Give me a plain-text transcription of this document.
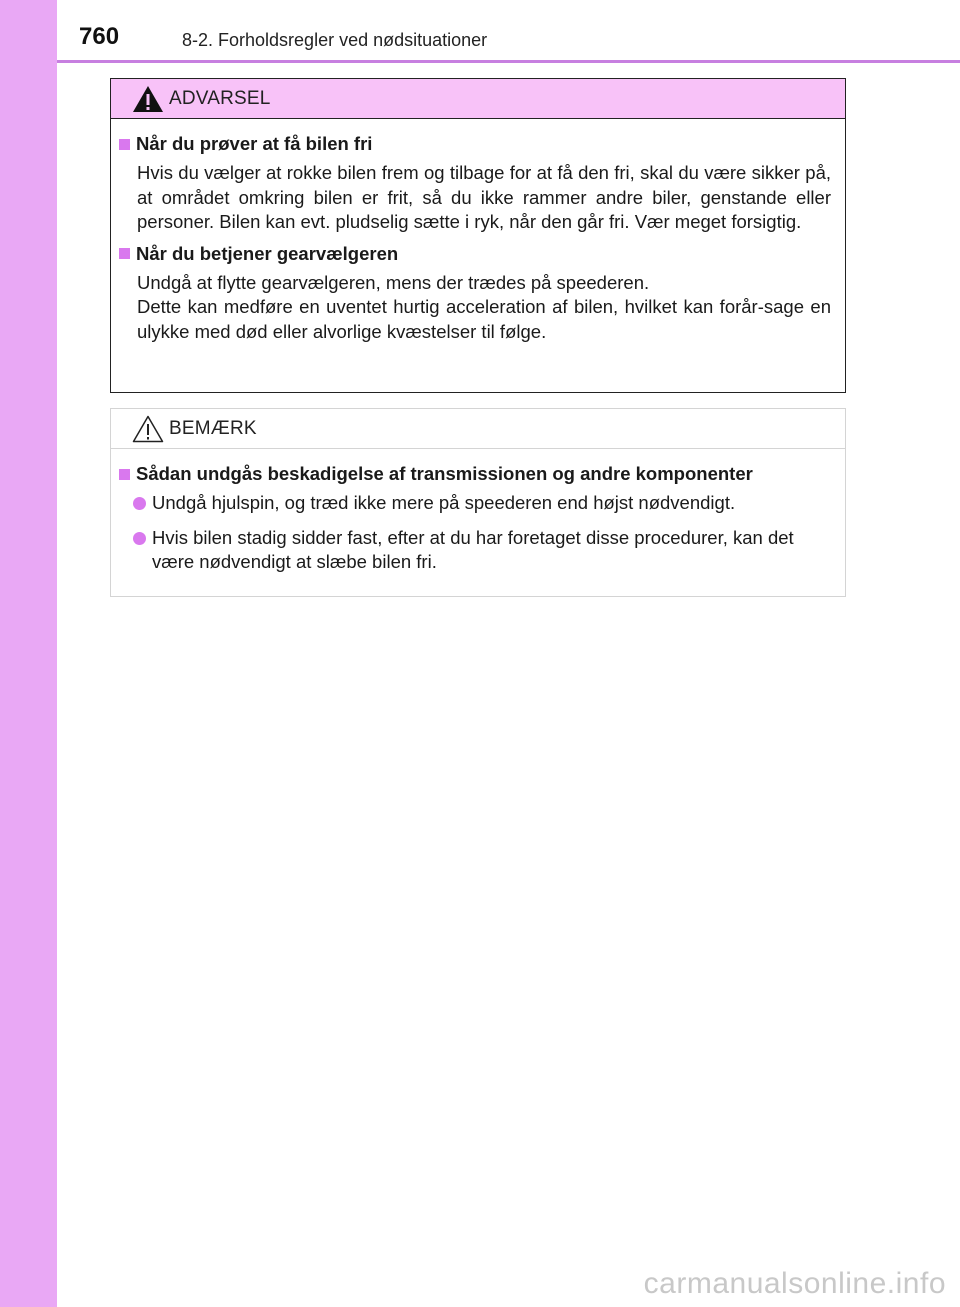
760	8-2. Forholdsregler ved nødsituationer
ADVARSEL
Når du prøver at få bilen fri
Hvis du vælger at rokke bilen frem og tilbage for at få den fri, skal du være sikker på, at området omkring bilen er frit, så du ikke rammer andre biler, genstande eller personer. Bilen kan evt. pludselig sætte i ryk, når den går fri. Vær meget forsigtig.
Når du betjener gearvælgeren
Undgå at flytte gearvælgeren, mens der trædes på speederen.
Dette kan medføre en uventet hurtig acceleration af bilen, hvilket kan forår-sage en ulykke med død eller alvorlige kvæstelser til følge.
BEMÆRK
Sådan undgås beskadigelse af transmissionen og andre komponenter
Undgå hjulspin, og træd ikke mere på speederen end højst nødvendigt.
Hvis bilen stadig sidder fast, efter at du har foretaget disse procedurer, kan det være nødvendigt at slæbe bilen fri.
carmanualsonline.info
